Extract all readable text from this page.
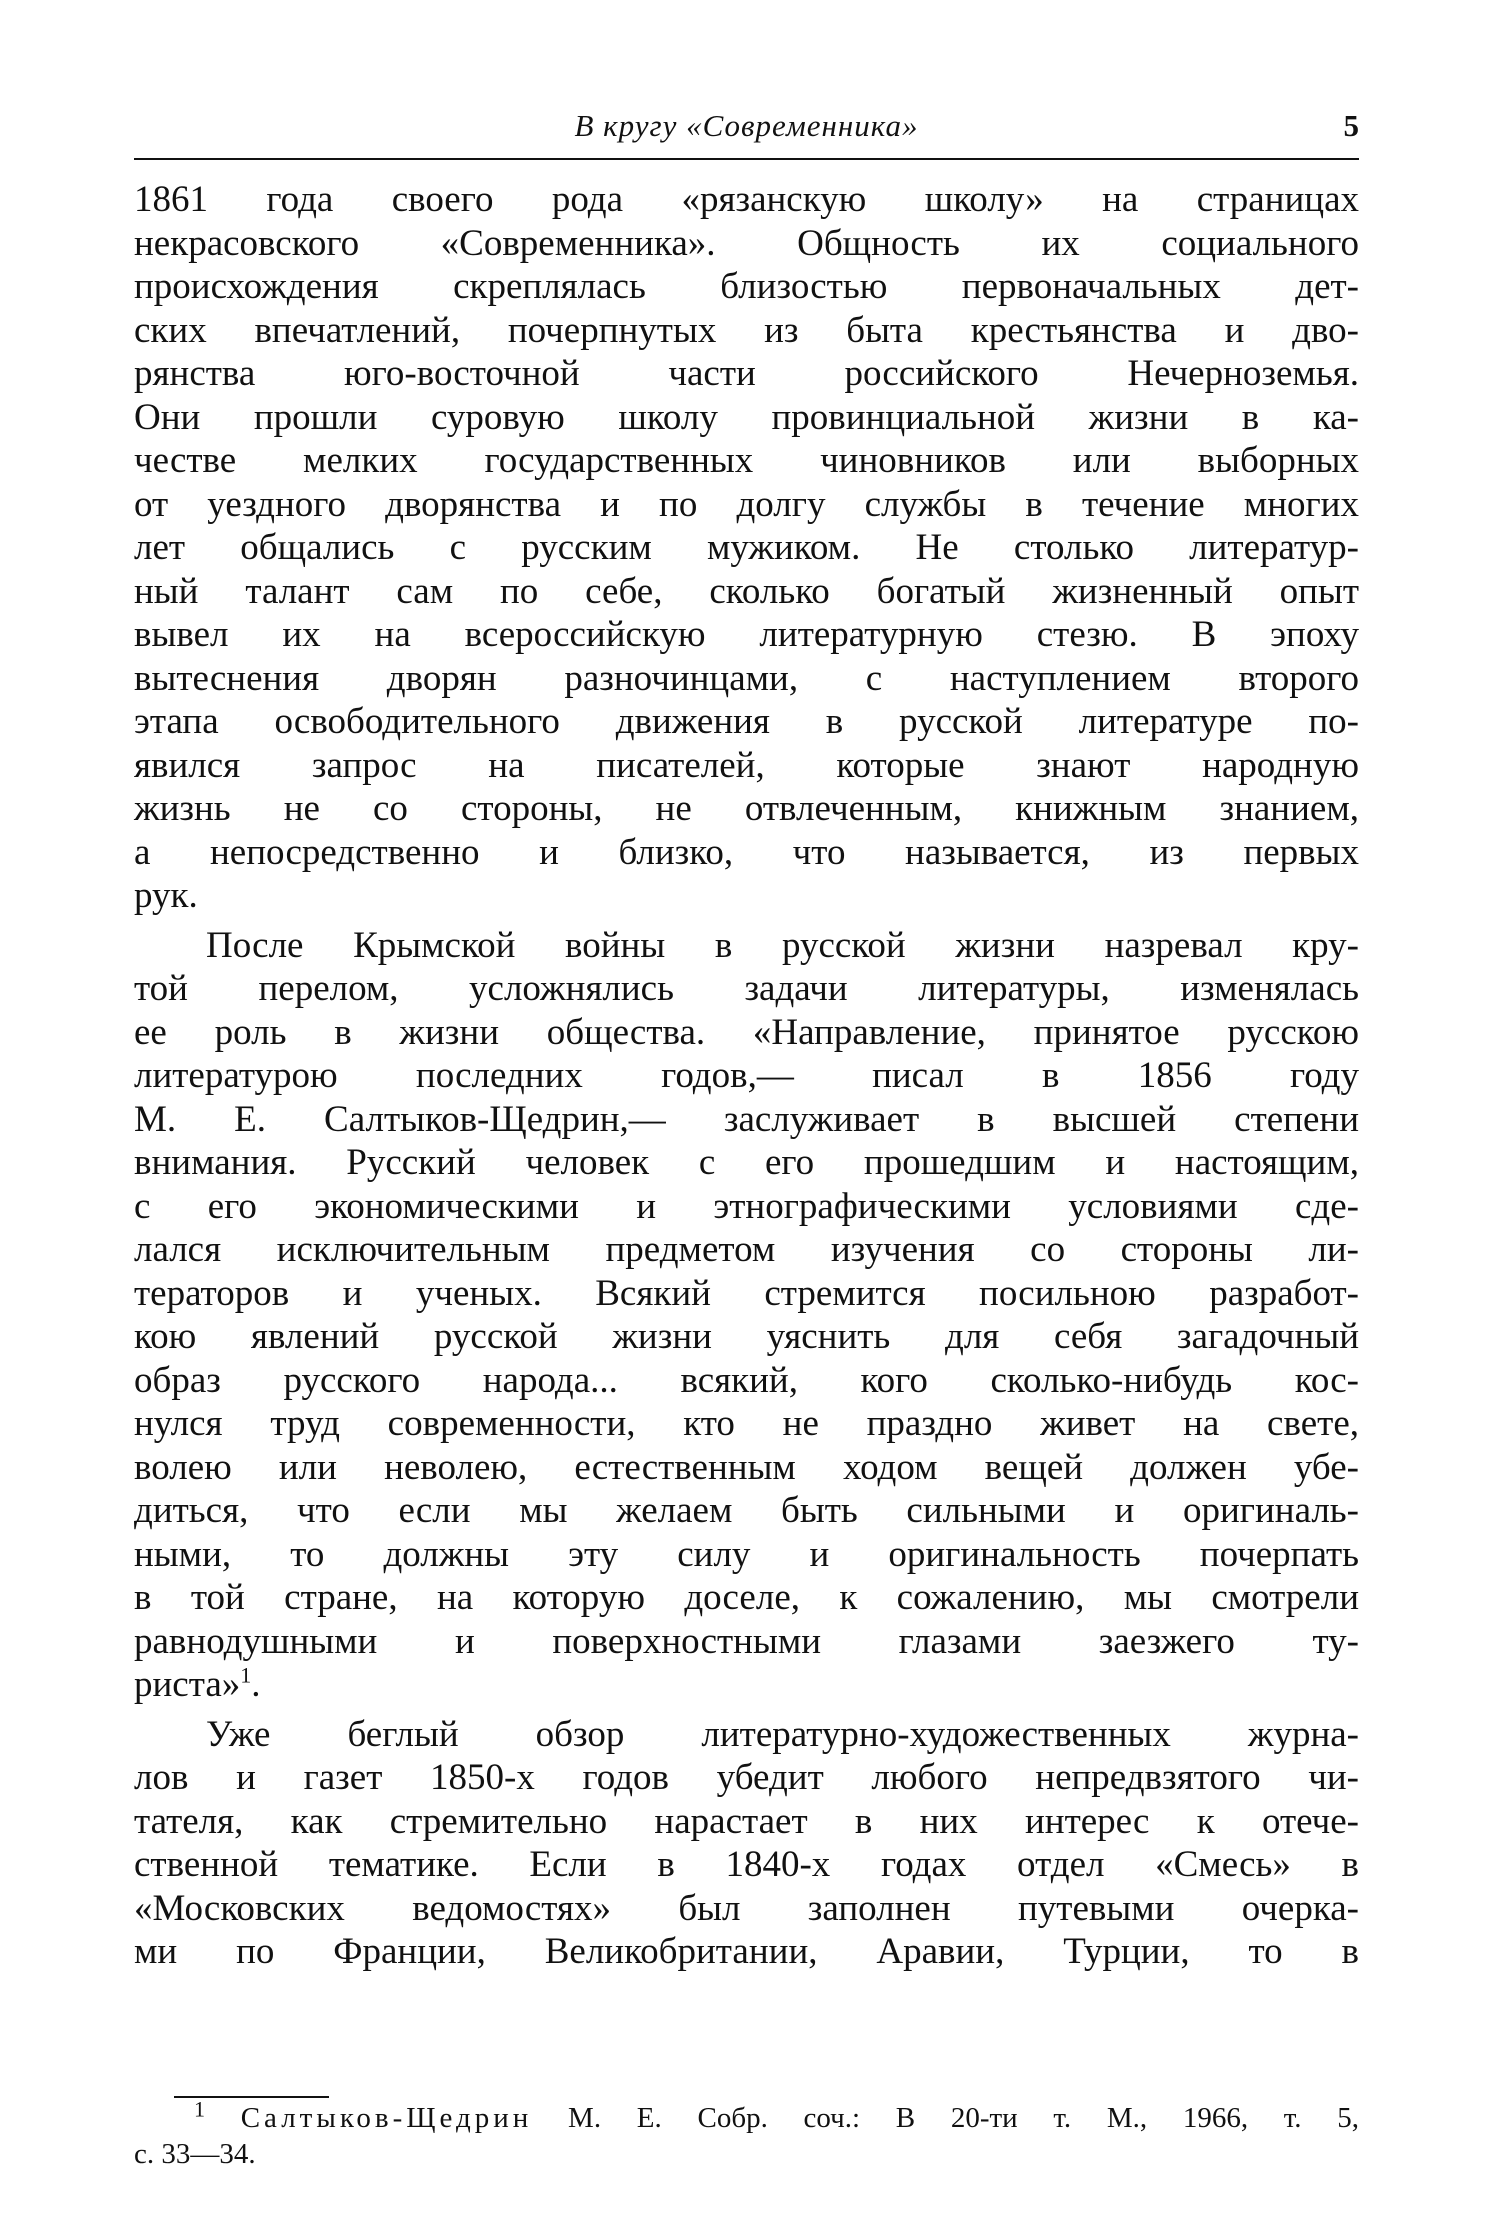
В кругу «Современника»	5
1861 года своего рода «рязанскую школу» на страницах
некрасовского «Современника». Общность их социального
происхождения скреплялась близостью первоначальных дет-
ских впечатлений, почерпнутых из быта крестьянства и дво-
рянства юго-восточной части российского Нечерноземья.
Они прошли суровую школу провинциальной жизни в ка-
честве мелких государственных чиновников или выборных
от уездного дворянства и по долгу службы в течение многих
лет общались с русским мужиком. Не столько литератур-
ный талант сам по себе, сколько богатый жизненный опыт
вывел их на всероссийскую литературную стезю. В эпоху
вытеснения дворян разночинцами, с наступлением второго
этапа освободительного движения в русской литературе по-
явился запрос на писателей, которые знают народную
жизнь не со стороны, не отвлеченным, книжным знанием,
а непосредственно и близко, что называется, из первых
рук.
После Крымской войны в русской жизни назревал кру-
той перелом, усложнялись задачи литературы, изменялась
ее роль в жизни общества. «Направление, принятое русскою
литературою последних годов,— писал в 1856 году
М. Е. Салтыков-Щедрин,— заслуживает в высшей степени
внимания. Русский человек с его прошедшим и настоящим,
с его экономическими и этнографическими условиями сде-
лался исключительным предметом изучения со стороны ли-
тераторов и ученых. Всякий стремится посильною разработ-
кою явлений русской жизни уяснить для себя загадочный
образ русского народа... всякий, кого сколько-нибудь кос-
нулся труд современности, кто не праздно живет на свете,
волею или неволею, естественным ходом вещей должен убе-
диться, что если мы желаем быть сильными и оригиналь-
ными, то должны эту силу и оригинальность почерпать
в той стране, на которую доселе, к сожалению, мы смотрели
равнодушными и поверхностными глазами заезжего ту-
риста»$^1$.
Уже беглый обзор литературно-художественных журна-
лов и газет 1850-х годов убедит любого непредвзятого чи-
тателя, как стремительно нарастает в них интерес к отече-
ственной тематике. Если в 1840-х годах отдел «Смесь» в
«Московских ведомостях» был заполнен путевыми очерка-
ми по Франции, Великобритании, Аравии, Турции, то в
$^1$ Салтыков-Щедрин М. Е. Собр. соч.: В 20-ти т. М., 1966, т. 5,
с. 33—34.
